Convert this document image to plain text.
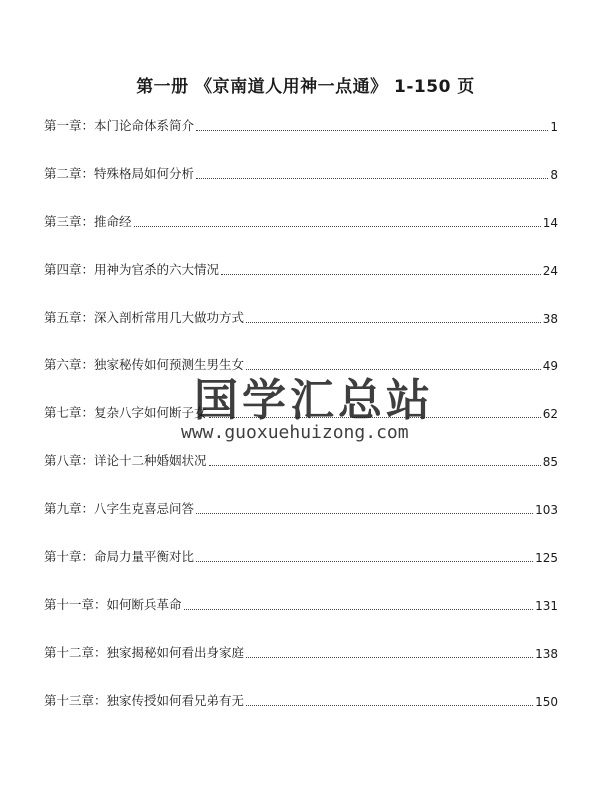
第一册 《京南道人用神一点通》 1-150 页
第一章： 本门论命体系简介	1
第二章： 特殊格局如何分析	8
第三章： 推命经	14
第四章： 用神为官杀的六大情况	24
第五章： 深入剖析常用几大做功方式	38
第六章： 独家秘传如何预测生男生女	49
第七章： 复杂八字如何断子女	62
第八章： 详论十二种婚姻状况	85
第九章： 八字生克喜忌问答	103
第十章： 命局力量平衡对比	125
第十一章： 如何断兵革命	131
第十二章： 独家揭秘如何看出身家庭	138
第十三章： 独家传授如何看兄弟有无	150
国学汇总站
www.guoxuehuizong.com
